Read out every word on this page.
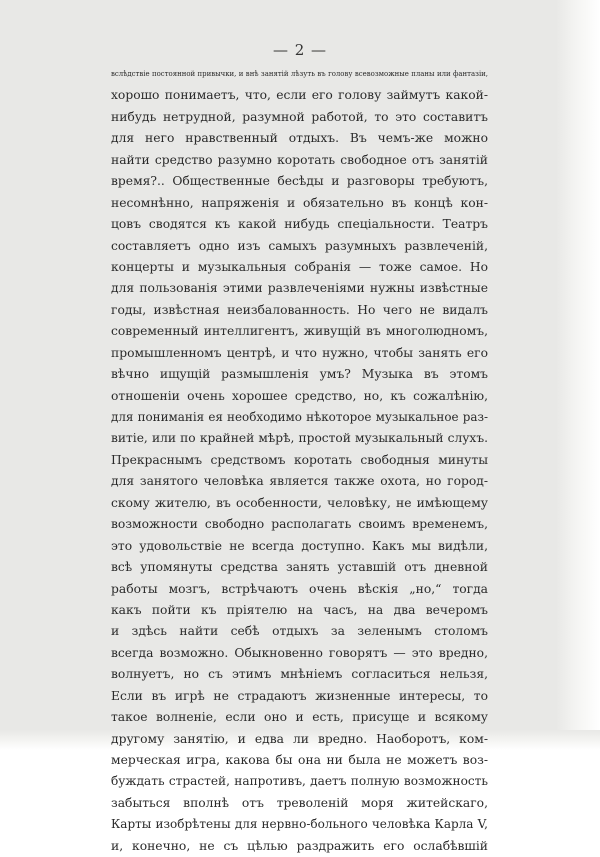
— 2 —
вслѣдствіе постоянной привычки, и внѣ занятій лѣзуть въ голову всевозможные планы или фантазіи,
хорошо понимаетъ, что, если его голову займутъ какой-
нибудь нетрудной, разумной работой, то это составитъ
для него нравственный отдыхъ. Въ чемъ-же можно
найти средство разумно коротать свободное отъ занятій
время?.. Общественные бесѣды и разговоры требуютъ,
несомнѣнно, напряженія и обязательно въ концѣ кон-
цовъ сводятся къ какой нибудь спеціальности. Театръ
составляетъ одно изъ самыхъ разумныхъ развлеченій,
концерты и музыкальныя собранія — тоже самое. Но
для пользованія этими развлеченіями нужны извѣстные
годы, извѣстная неизбалованность. Но чего не видалъ
современный интеллигентъ, живущій въ многолюдномъ,
промышленномъ центрѣ, и что нужно, чтобы занять его
вѣчно ищущій размышленія умъ? Музыка въ этомъ
отношеніи очень хорошее средство, но, къ сожалѣнію,
для пониманія ея необходимо нѣкоторое музыкальное раз-
витіе, или по крайней мѣрѣ, простой музыкальный слухъ.
Прекраснымъ средствомъ коротать свободныя минуты
для занятого человѣка является также охота, но город-
скому жителю, въ особенности, человѣку, не имѣющему
возможности свободно располагать своимъ временемъ,
это удовольствіе не всегда доступно. Какъ мы видѣли,
всѣ упомянуты средства занять уставшій отъ дневной
работы мозгъ, встрѣчаютъ очень вѣскія „но,“ тогда
какъ пойти къ пріятелю на часъ, на два вечеромъ
и здѣсь найти себѣ отдыхъ за зеленымъ столомъ
всегда возможно. Обыкновенно говорятъ — это вредно,
волнуетъ, но съ этимъ мнѣніемъ согласиться нельзя,
Если въ игрѣ не страдаютъ жизненные интересы, то
такое волненіе, если оно и есть, присуще и всякому
другому занятію, и едва ли вредно. Наоборотъ, ком-
мерческая игра, какова бы она ни была не можетъ воз-
буждать страстей, напротивъ, даетъ полную возможность
забыться вполнѣ отъ треволеній моря житейскаго,
Карты изобрѣтены для нервно-больного человѣка Карла V,
и, конечно, не съ цѣлью раздражить его ослабѣвшій
